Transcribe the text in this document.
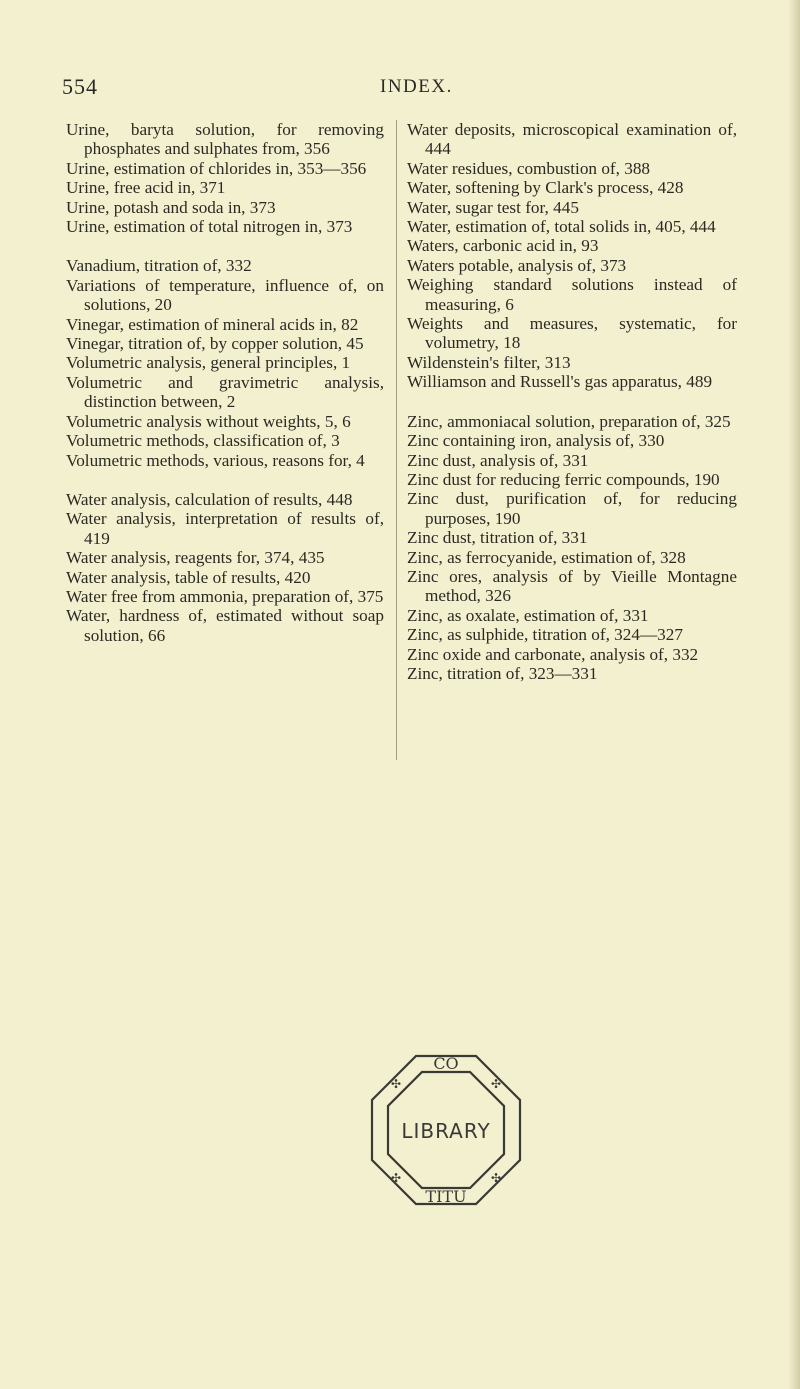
554	INDEX.

Urine, baryta solution, for removing phosphates and sulphates from, 356

Urine, estimation of chlorides in, 353—356

Urine, free acid in, 371

Urine, potash and soda in, 373

Urine, estimation of total nitrogen in, 373

Vanadium, titration of, 332

Variations of temperature, influence of, on solutions, 20

Vinegar, estimation of mineral acids in, 82

Vinegar, titration of, by copper solution, 45

Volumetric analysis, general principles, 1

Volumetric and gravimetric analysis, distinction between, 2

Volumetric analysis without weights, 5, 6

Volumetric methods, classification of, 3

Volumetric methods, various, reasons for, 4

Water analysis, calculation of results, 448

Water analysis, interpretation of results of, 419

Water analysis, reagents for, 374, 435

Water analysis, table of results, 420

Water free from ammonia, preparation of, 375

Water, hardness of, estimated without soap solution, 66

Water deposits, microscopical examination of, 444

Water residues, combustion of, 388

Water, softening by Clark's process, 428

Water, sugar test for, 445

Water, estimation of, total solids in, 405, 444

Waters, carbonic acid in, 93

Waters potable, analysis of, 373

Weighing standard solutions instead of measuring, 6

Weights and measures, systematic, for volumetry, 18

Wildenstein's filter, 313

Williamson and Russell's gas apparatus, 489

Zinc, ammoniacal solution, preparation of, 325

Zinc containing iron, analysis of, 330

Zinc dust, analysis of, 331

Zinc dust for reducing ferric compounds, 190

Zinc dust, purification of, for reducing purposes, 190

Zinc dust, titration of, 331

Zinc, as ferrocyanide, estimation of, 328

Zinc ores, analysis of by Vieille Montagne method, 326

Zinc, as oxalate, estimation of, 331

Zinc, as sulphide, titration of, 324—327

Zinc oxide and carbonate, analysis of, 332

Zinc, titration of, 323—331

CO
LIBRARY
TITU
✣	✣
✣	✣
